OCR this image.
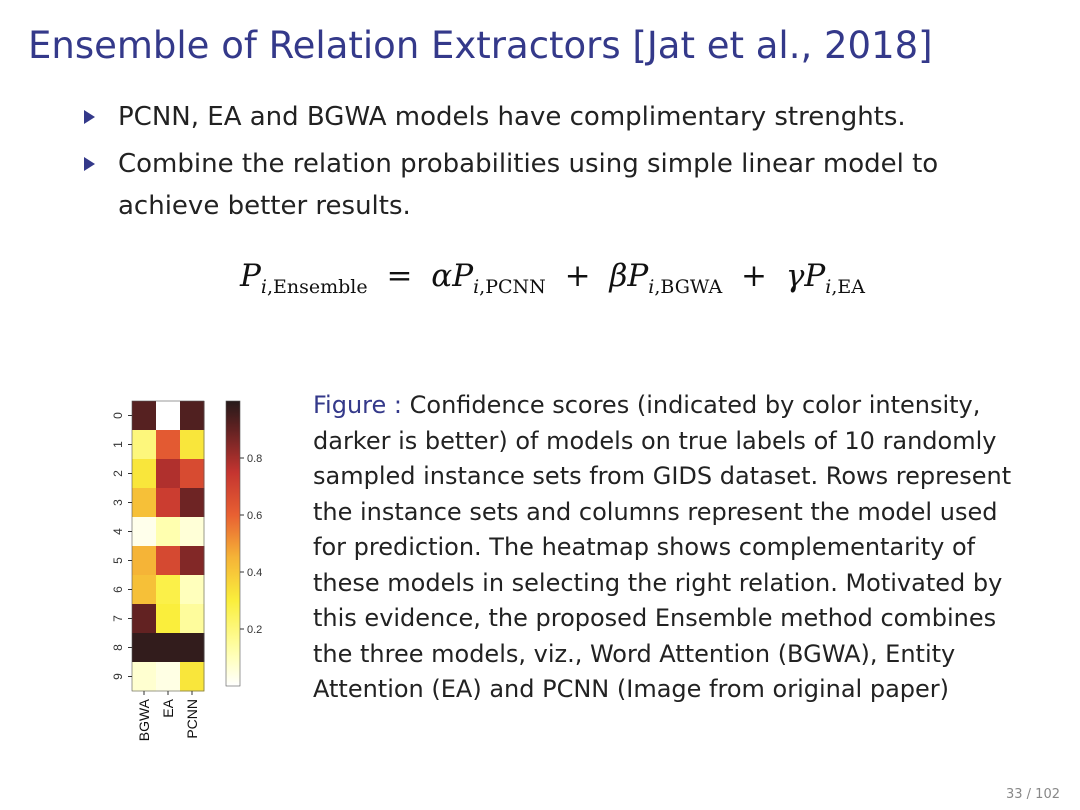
Ensemble of Relation Extractors [Jat et al., 2018]
PCNN, EA and BGWA models have complimentary strenghts.
Combine the relation probabilities using simple linear model to achieve better results.
$P_{i,Ensemble} = \alpha P_{i,PCNN} + \beta P_{i,BGWA} + \gamma P_{i,EA}$
0
1
2
3
4
5
6
7
8
9
BGWA EA PCNN
0.2
0.4
0.6
0.8
Figure : Confidence scores (indicated by color intensity, darker is better) of models on true labels of 10 randomly sampled instance sets from GIDS dataset. Rows represent the instance sets and columns represent the model used for prediction. The heatmap shows complementarity of these models in selecting the right relation. Motivated by this evidence, the proposed Ensemble method combines the three models, viz., Word Attention (BGWA), Entity Attention (EA) and PCNN (Image from original paper)
33 / 102
